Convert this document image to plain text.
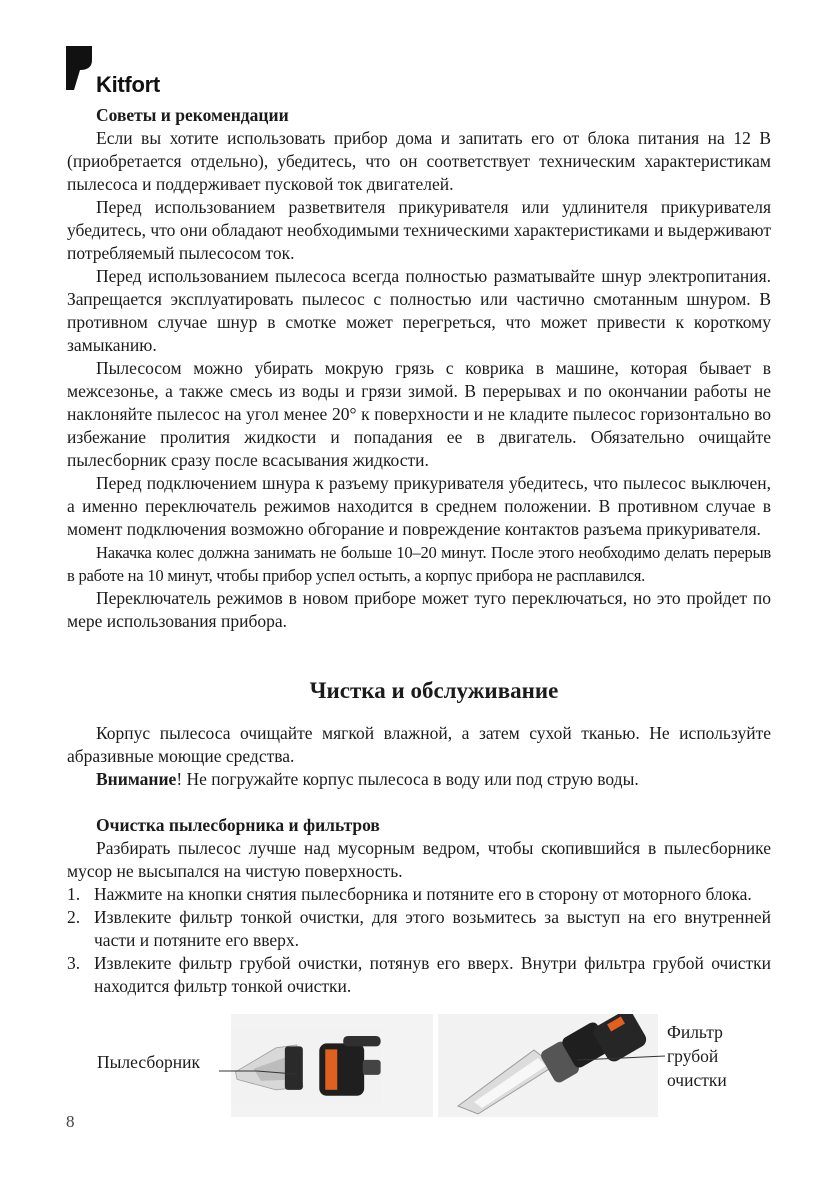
Kitfort
Советы и рекомендации

Если вы хотите использовать прибор дома и запитать его от блока питания на 12 В (приобретается отдельно), убедитесь, что он соответствует техническим характеристикам пылесоса и поддерживает пусковой ток двигателей.

Перед использованием разветвителя прикуривателя или удлинителя прикуривателя убедитесь, что они обладают необходимыми техническими характеристиками и выдерживают потребляемый пылесосом ток.

Перед использованием пылесоса всегда полностью разматывайте шнур электропитания. Запрещается эксплуатировать пылесос с полностью или частично смотанным шнуром. В противном случае шнур в смотке может перегреться, что может привести к короткому замыканию.

Пылесосом можно убирать мокрую грязь с коврика в машине, которая бывает в межсезонье, а также смесь из воды и грязи зимой. В перерывах и по окончании работы не наклоняйте пылесос на угол менее 20° к поверхности и не кладите пылесос горизонтально во избежание пролития жидкости и попадания ее в двигатель. Обязательно очищайте пылесборник сразу после всасывания жидкости.

Перед подключением шнура к разъему прикуривателя убедитесь, что пылесос выключен, а именно переключатель режимов находится в среднем положении. В противном случае в момент подключения возможно обгорание и повреждение контактов разъема прикуривателя.

Накачка колес должна занимать не больше 10–20 минут. После этого необходимо делать перерыв в работе на 10 минут, чтобы прибор успел остыть, а корпус прибора не расплавился.

Переключатель режимов в новом приборе может туго переключаться, но это пройдет по мере использования прибора.

Чистка и обслуживание

Корпус пылесоса очищайте мягкой влажной, а затем сухой тканью. Не используйте абразивные моющие средства.

Внимание! Не погружайте корпус пылесоса в воду или под струю воды.

Очистка пылесборника и фильтров

Разбирать пылесос лучше над мусорным ведром, чтобы скопившийся в пылесборнике мусор не высыпался на чистую поверхность.

1. Нажмите на кнопки снятия пылесборника и потяните его в сторону от моторного блока.
2. Извлеките фильтр тонкой очистки, для этого возьмитесь за выступ на его внутренней части и потяните его вверх.
3. Извлеките фильтр грубой очистки, потянув его вверх. Внутри фильтра грубой очистки находится фильтр тонкой очистки.
Пылесборник
Фильтр
грубой
очистки
8
